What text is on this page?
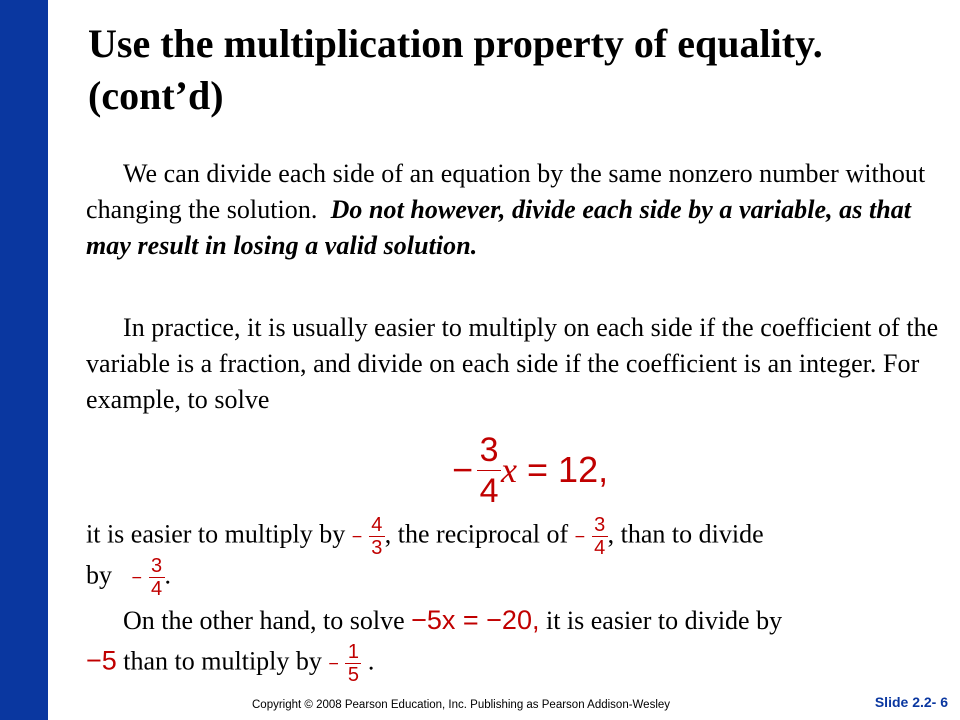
Use the multiplication property of equality. (cont’d)

We can divide each side of an equation by the same nonzero number without changing the solution. Do not however, divide each side by a variable, as that may result in losing a valid solution.

In practice, it is usually easier to multiply on each side if the coefficient of the variable is a fraction, and divide on each side if the coefficient is an integer. For example, to solve

− $\frac{3}{4}$ x = 12,
it is easier to multiply by − $\frac{4}{3}$ , the reciprocal of − $\frac{3}{4}$ , than to divide
by − $\frac{3}{4}$ .
On the other hand, to solve −5x = −20, it is easier to divide by
−5 than to multiply by − $\frac{1}{5}$ .
Copyright © 2008 Pearson Education, Inc. Publishing as Pearson Addison-Wesley	Slide 2.2- 6
